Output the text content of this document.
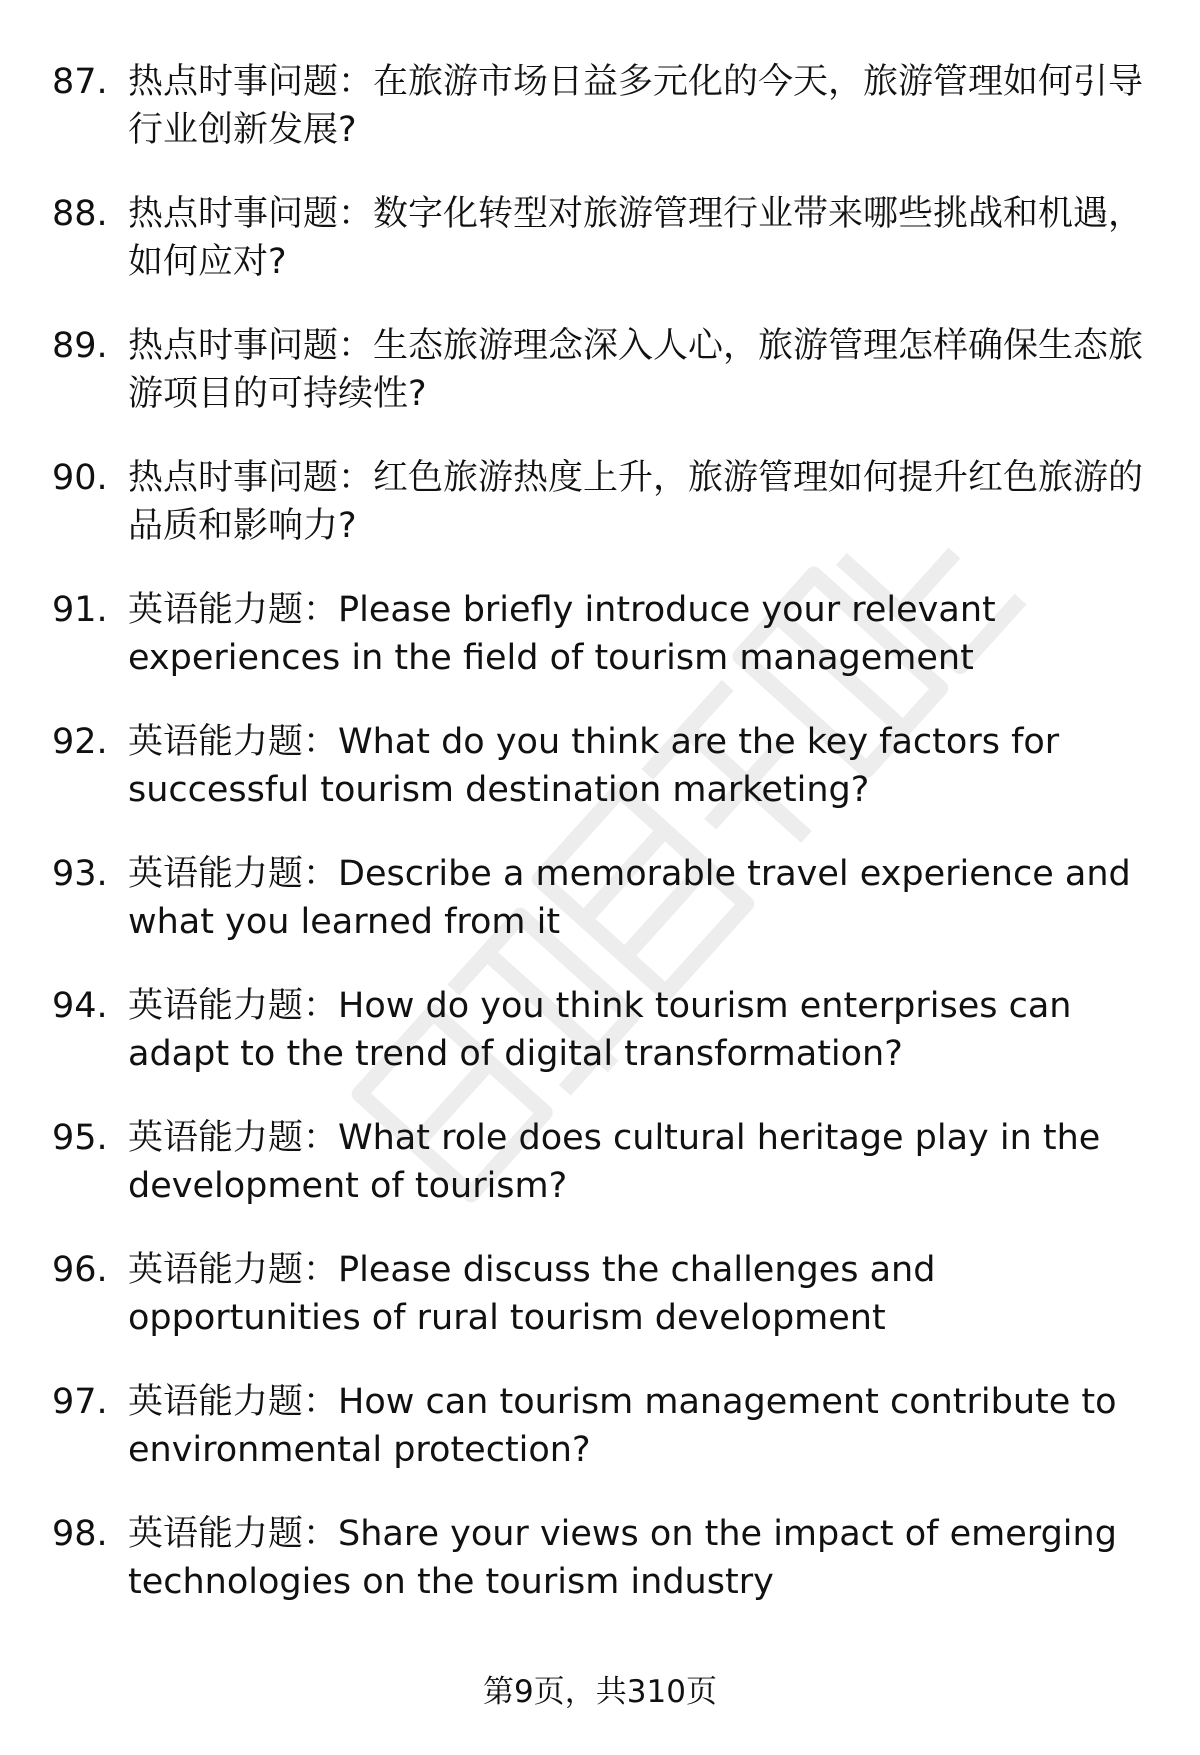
87. 热点时事问题：在旅游市场日益多元化的今天，旅游管理如何引导行业创新发展?
88. 热点时事问题：数字化转型对旅游管理行业带来哪些挑战和机遇，如何应对?
89. 热点时事问题：生态旅游理念深入人心，旅游管理怎样确保生态旅游项目的可持续性?
90. 热点时事问题：红色旅游热度上升，旅游管理如何提升红色旅游的品质和影响力?
91. 英语能力题：Please briefly introduce your relevant experiences in the field of tourism management
92. 英语能力题：What do you think are the key factors for successful tourism destination marketing?
93. 英语能力题：Describe a memorable travel experience and what you learned from it
94. 英语能力题：How do you think tourism enterprises can adapt to the trend of digital transformation?
95. 英语能力题：What role does cultural heritage play in the development of tourism?
96. 英语能力题：Please discuss the challenges and opportunities of rural tourism development
97. 英语能力题：How can tourism management contribute to environmental protection?
98. 英语能力题：Share your views on the impact of emerging technologies on the tourism industry
第9页，共310页
